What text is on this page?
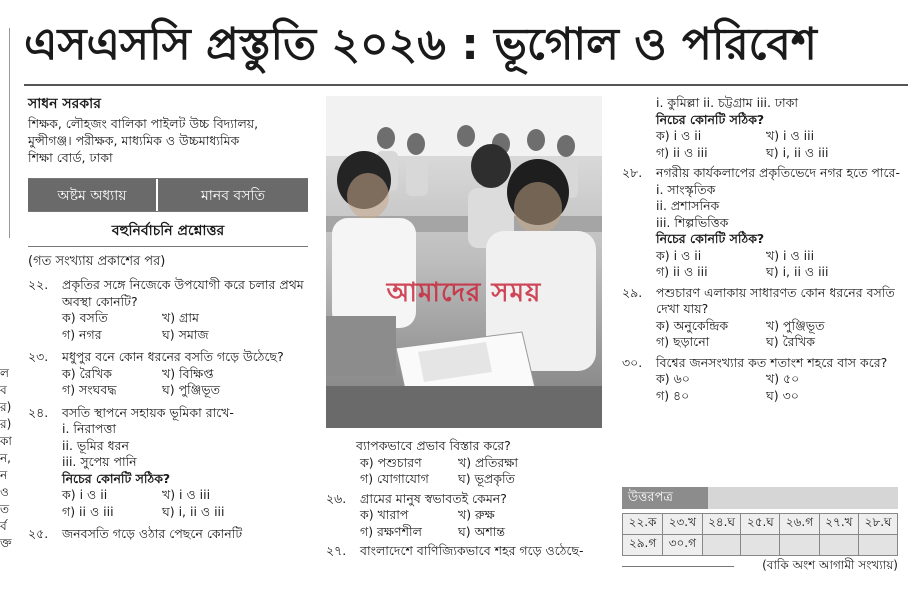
ল
ব
র)
র)
কা
ন,
ন
ও
ত
ৰ্ব
ক্ত
এসএসসি প্রস্তুতি ২০২৬ : ভূগোল ও পরিবেশ
সাধন সরকার
শিক্ষক, লৌহজং বালিকা পাইলট উচ্চ বিদ্যালয়,
মুন্সীগঞ্জ। পরীক্ষক, মাধ্যমিক ও উচ্চমাধ্যমিক
শিক্ষা বোর্ড, ঢাকা
অষ্টম অধ্যায়	মানব বসতি
বহুনির্বাচনি প্রশ্নোত্তর
(গত সংখ্যায় প্রকাশের পর)
২২.	প্রকৃতির সঙ্গে নিজেকে উপযোগী করে চলার প্রথম অবস্থা কোনটি?
ক) বসতি	খ) গ্রাম
গ) নগর	ঘ) সমাজ
২৩.	মধুপুর বনে কোন ধরনের বসতি গড়ে উঠেছে?
ক) রৈখিক	খ) বিক্ষিপ্ত
গ) সংঘবদ্ধ	ঘ) পুঞ্জিভূত
২৪.	বসতি স্থাপনে সহায়ক ভূমিকা রাখে-
i. নিরাপত্তা
ii. ভূমির ধরন
iii. সুপেয় পানি
নিচের কোনটি সঠিক?
ক) i ও ii	খ) i ও iii
গ) ii ও iii	ঘ) i, ii ও iii
২৫.	জনবসতি গড়ে ওঠার পেছনে কোনটি
আমাদের সময়
ব্যাপকভাবে প্রভাব বিস্তার করে?
ক) পশুচারণ	খ) প্রতিরক্ষা
গ) যোগাযোগ	ঘ) ভূপ্রকৃতি
২৬.	গ্রামের মানুষ স্বভাবতই কেমন?
ক) খারাপ	খ) রুক্ষ
গ) রক্ষণশীল	ঘ) অশান্ত
২৭.	বাংলাদেশে বাণিজ্যিকভাবে শহর গড়ে ওঠেছে-
i. কুমিল্লা ii. চট্টগ্রাম iii. ঢাকা
নিচের কোনটি সঠিক?
ক) i ও ii	খ) i ও iii
গ) ii ও iii	ঘ) i, ii ও iii
২৮.	নগরীয় কার্যকলাপের প্রকৃতিভেদে নগর হতে পারে-
i. সাংস্কৃতিক
ii. প্রশাসনিক
iii. শিল্পভিত্তিক
নিচের কোনটি সঠিক?
ক) i ও ii	খ) i ও iii
গ) ii ও iii	ঘ) i, ii ও iii
২৯.	পশুচারণ এলাকায় সাধারণত কোন ধরনের বসতি দেখা যায়?
ক) অনুকেন্দ্রিক	খ) পুঞ্জিভূত
গ) ছড়ানো	ঘ) রৈখিক
৩০.	বিশ্বের জনসংখ্যার কত শতাংশ শহরে বাস করে?
ক) ৬০	খ) ৫০
গ) ৪০	ঘ) ৩০
উত্তরপত্র
২২.ক	২৩.খ	২৪.ঘ	২৫.ঘ	২৬.গ	২৭.খ	২৮.ঘ
২৯.গ	৩০.গ					
(বাকি অংশ আগামী সংখ্যায়)
